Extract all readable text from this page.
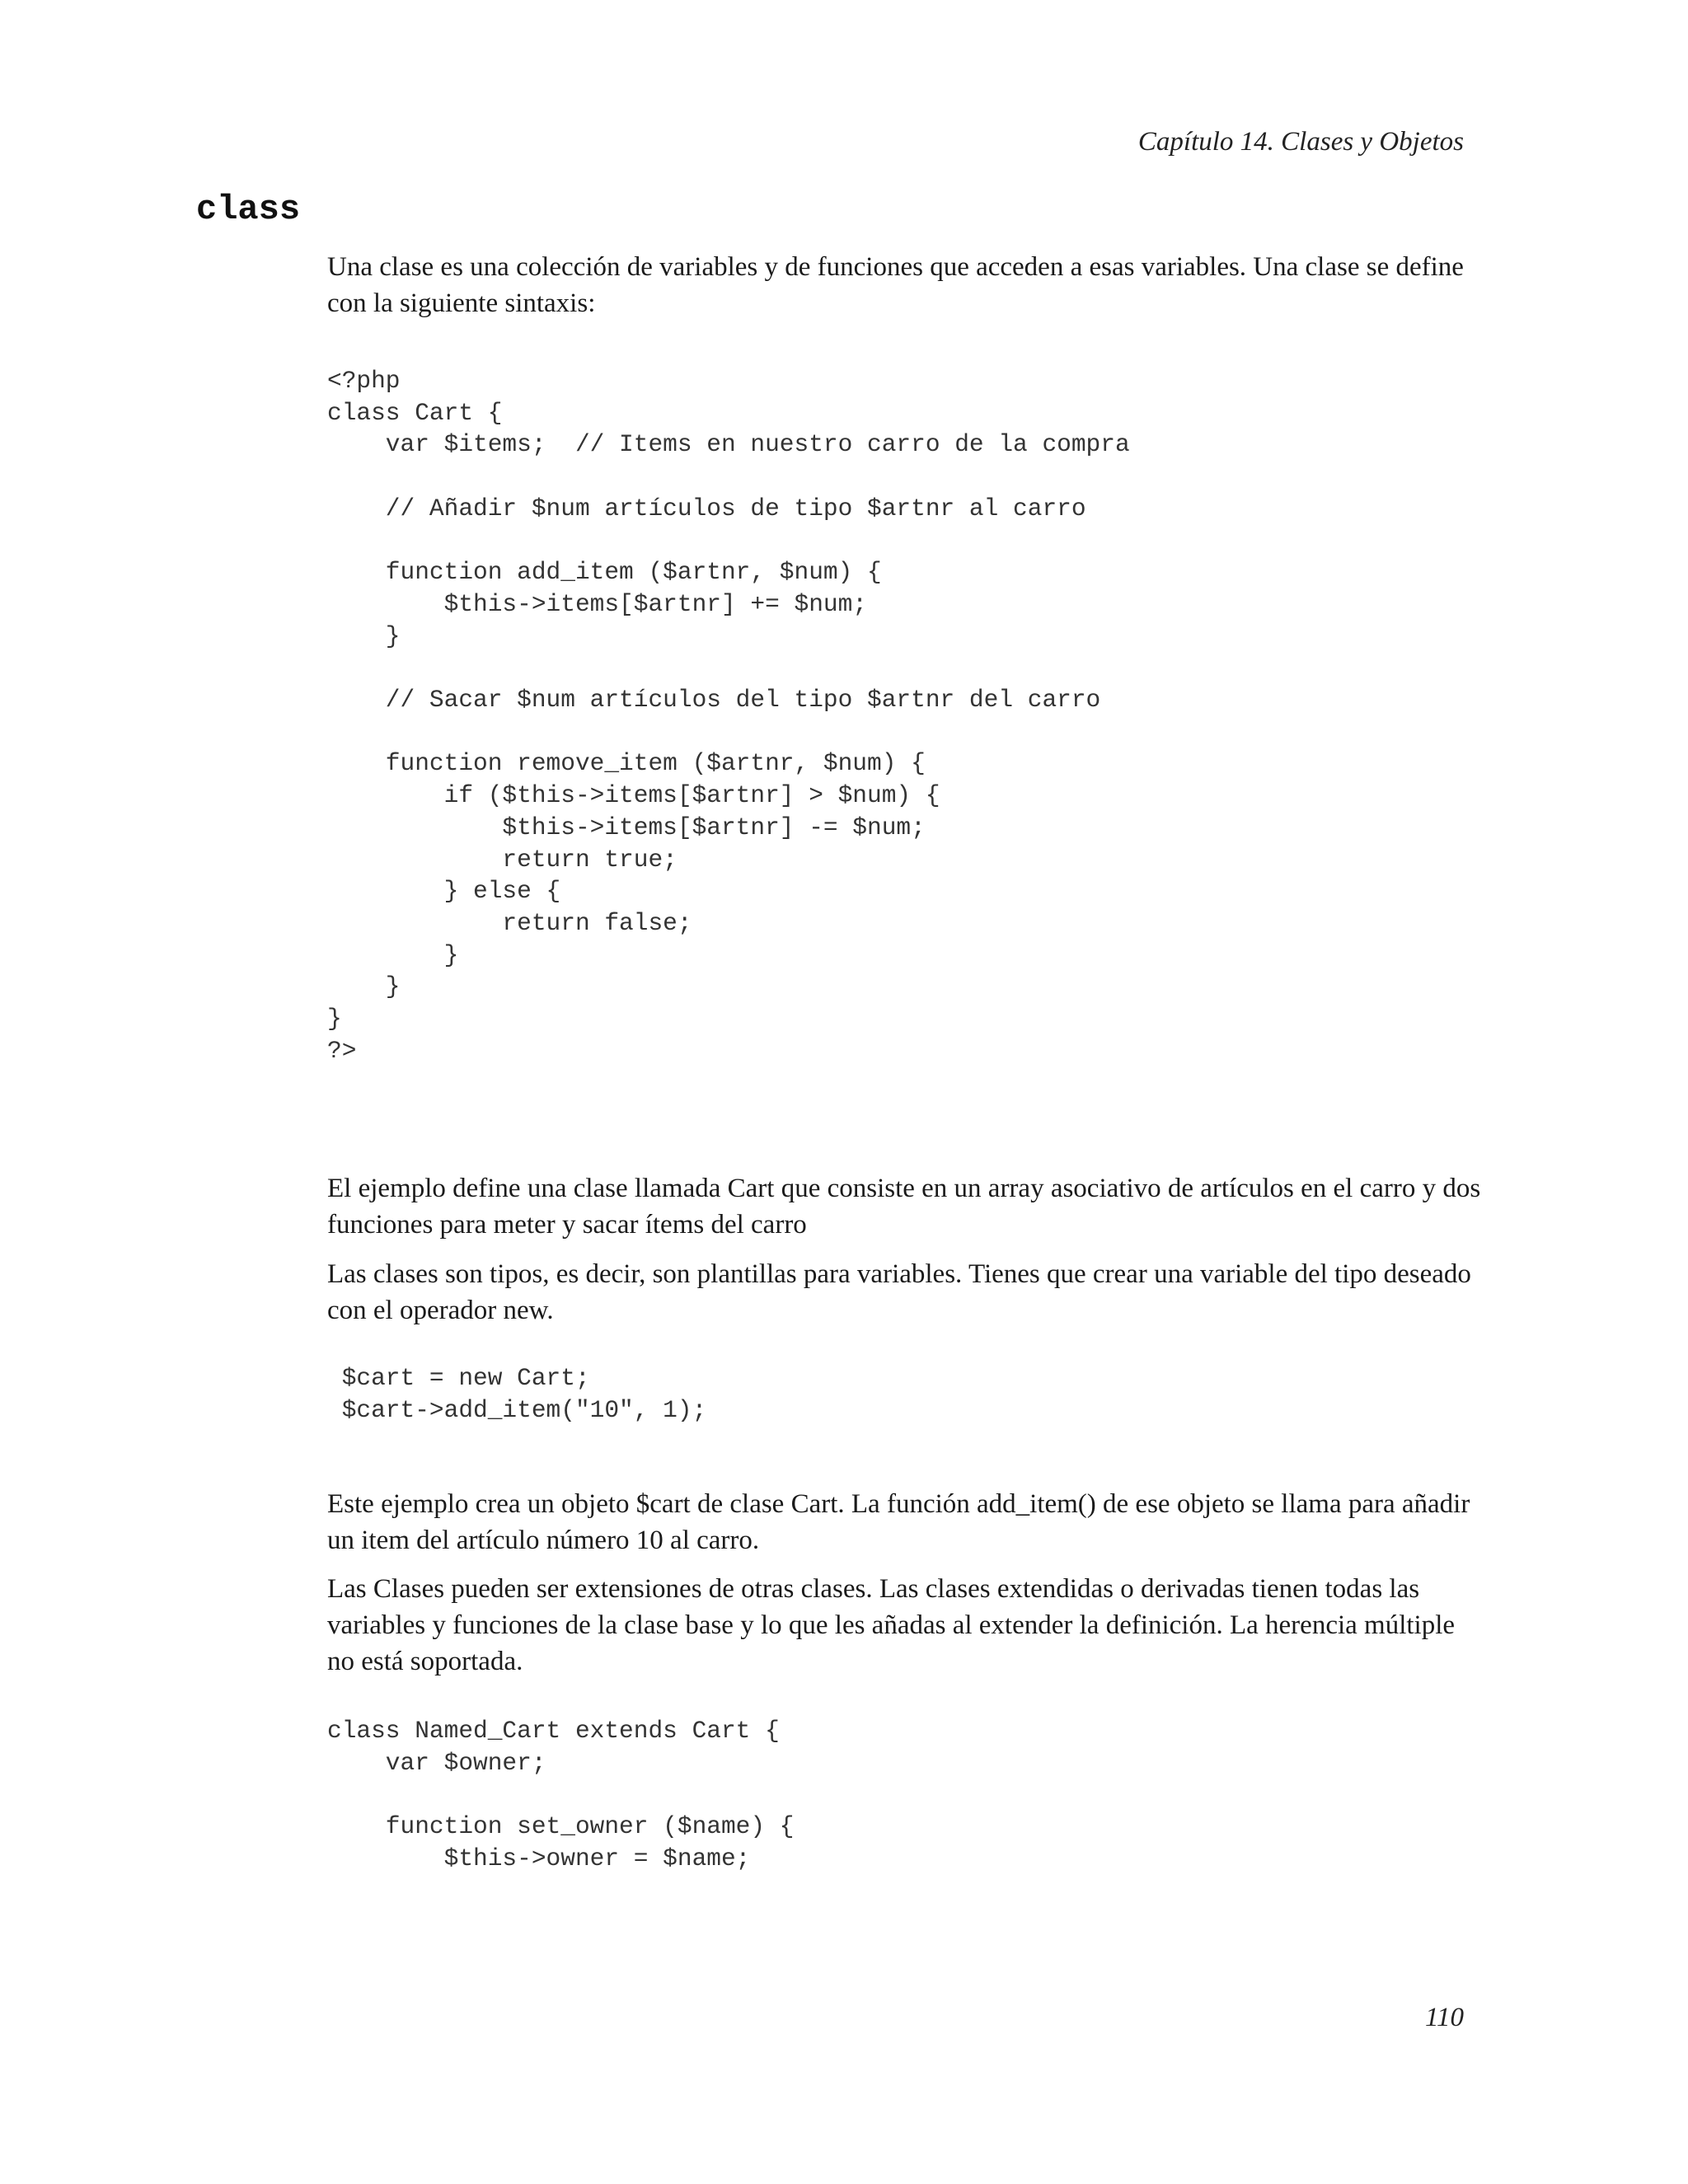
Capítulo 14. Clases y Objetos
class

Una clase es una colección de variables y de funciones que acceden a esas variables. Una clase se define con la siguiente sintaxis:

<?php
class Cart {
var $items;  // Items en nuestro carro de la compra

// Añadir $num artículos de tipo $artnr al carro

function add_item ($artnr, $num) {
$this->items[$artnr] += $num;
}

// Sacar $num artículos del tipo $artnr del carro

function remove_item ($artnr, $num) {
if ($this->items[$artnr] > $num) {
$this->items[$artnr] -= $num;
return true;
} else {
return false;
}
}
}
?>

El ejemplo define una clase llamada Cart que consiste en un array asociativo de artículos en el carro y dos funciones para meter y sacar ítems del carro

Las clases son tipos, es decir, son plantillas para variables. Tienes que crear una variable del tipo deseado con el operador new.

$cart = new Cart;
$cart->add_item("10", 1);

Este ejemplo crea un objeto $cart de clase Cart. La función add_item() de ese objeto se llama para añadir un item del artículo número 10 al carro.

Las Clases pueden ser extensiones de otras clases. Las clases extendidas o derivadas tienen todas las variables y funciones de la clase base y lo que les añadas al extender la definición. La herencia múltiple no está soportada.

class Named_Cart extends Cart {
var $owner;

function set_owner ($name) {
$this->owner = $name;
110
